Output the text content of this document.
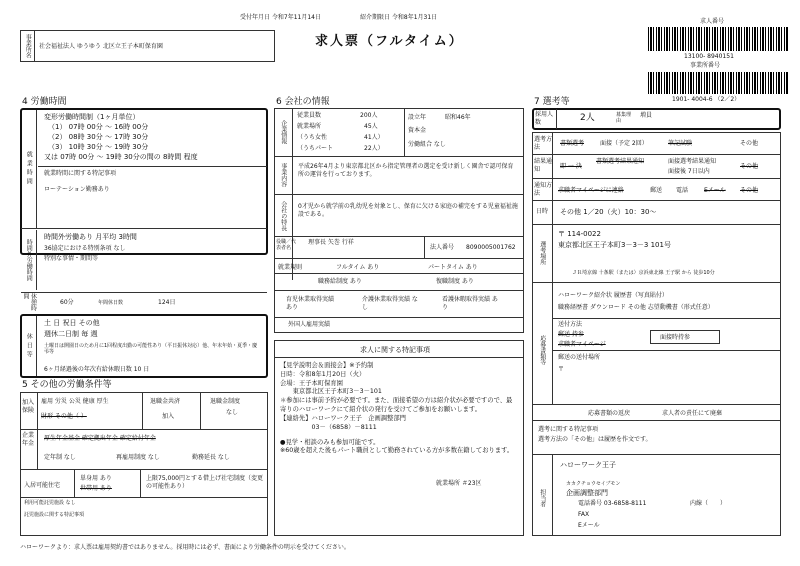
受付年月日 令和7年11月14日	紹介期限日 令和8年1月31日
求人票（フルタイム）
事業所名	社会福祉法人 ゆうゆう 北区立王子本町保育園
求人番号
13100- 8940151
事業所番号
1901- 4004-6 （2／2）
4 労働時間
就業時間
変形労働時間制（1ヶ月単位）
（1） 07時 00分 ～ 16時 00分
（2） 08時 30分 ～ 17時 30分
（3） 10時 30分 ～ 19時 30分
又は 07時 00分 ～ 19時 30分の間の 8時間 程度
就業時間に関する特記事項
ローテーション勤務あり
時間外労働時間
時間外労働あり 月平均 3時間
36協定における特別条項 なし
特別な事情・期間等
休憩時間
60分	年間休日数	124日
休日等
土 日 祝日 その他
週休二日制 毎 週
土曜日は開園日のため月に1回程度出勤の可能性あり（平日振休対応）他、年末年始・夏季・慶弔等
6ヶ月経過後の年次有給休暇日数 10 日
5 その他の労働条件等
加入保険
雇用 労災 公災 健康 厚生
財形 その他（ ）
退職金共済
加入
退職金制度
なし
企業年金
厚生年金基金 確定拠出年金 確定給付年金
定年制 なし	再雇用制度 なし	勤務延長 なし
入居可能住宅
単身用 あり
世帯用 あり
上限75,000円とする借上げ社宅制度（変更の可能性あり）
利用可能託児施設 なし
託児施設に関する特記事項
6 会社の情報
企業情報
従業員数	200人
就業場所	45人
（うち女性	41人）
（うちパート	22人）
設立年	昭和46年
資本金
労働組合 なし
事業内容	平成26年4月より東京都北区から指定管理者の選定を受け新しく園舎で認可保育所の運営を行っております。
会社の特長	0才児から就学前の乳幼児を対象とし、保育に欠ける家庭の補完をする児童福祉施設である。
役職／代表者名
理事長 矢巻 行祥
法人番号 8090005001762
就業規則	フルタイム あり	パートタイム あり
職務給制度 あり	復職制度 あり
育児休業取得実績 あり
介護休業取得実績 なし
看護休暇取得実績 あり
外国人雇用実績
求人に関する特記事項
【見学説明会＆面接会】※予約制
日時：令和8年1月20日（火）
会場：王子本町保育園
　　東京都北区王子本町3－3－101
＊参加には事前予約が必要です。また、面接希望の方は紹介状が必要ですので、最寄りのハローワークにて紹介状の発行を受けてご参加をお願いします。
【連絡先】ハローワーク王子　企画調整部門
　　　　　03－（6858）－8111
●見学・相談のみも参加可能です。
※60歳を超えた後もパート職員として勤務されている方が多数在籍しております。
就業場所 ＃23区
7 選考等
採用人数	2人	募集理由
増員
選考方法	書類選考	面接（予定 2回）	筆記試験	その他
結果通知	即 一 決
書類選考結果通知	面接選考結果通知
面接後 7日以内
その他
通知方法	求職者マイページに連絡	郵送 電話	Eメール その他
日時 その他 1／20（火）10：30～
選考場所
〒 114-0022
東京都北区王子本町3－3－3 101号
ＪＲ埼京線 十条駅（または）京浜東北線 王子駅 から 徒歩10分
応募書類等
ハローワーク紹介状 履歴書（写真貼付）
職務経歴書 ダウンロード その他 志望動機書（形式任意）
送付方法
郵送 持参
求職者マイページ
面接時持参
郵送の送付場所
〒
応募書類の返戻	求人者の責任にて廃棄
選考に関する特記事項
選考方法の「その他」は履歴を作文です。
担当者
ハローワーク王子
カカクチョウセイブモン
企画調整部門
電話番号 03-6858-8111	内線（　　）
FAX
Eメール
ハローワークより：求人票は雇用契約書ではありません。採用時には必ず、書面により労働条件の明示を受けてください。
